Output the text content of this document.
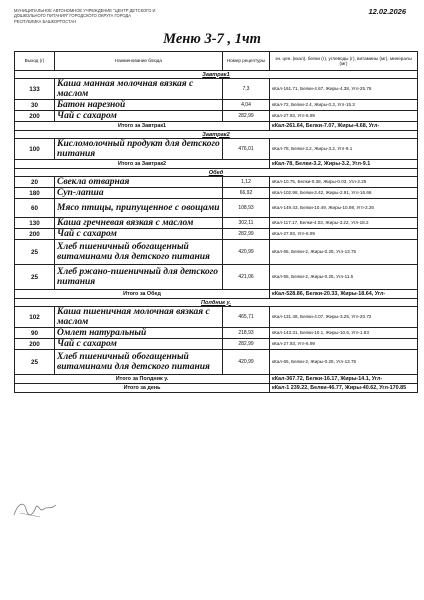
МУНИЦИПАЛЬНОЕ АВТОНОМНОЕ УЧРЕЖДЕНИЕ "ЦЕНТР ДЕТСКОГО И
ДОШКОЛЬНОГО ПИТАНИЯ" ГОРОДСКОГО ОКРУГА ГОРОДА
РЕСПУБЛИКА БАШКОРТОСТАН
12.02.2026
Меню 3-7 , 1чт
Выход (г)	Наименование блюда	Номер рецептуры	эн. цен. (ккал), белки (г), углеводы (г), витамины (мг), минералы (мг)
Завтрак1			
133	Каша манная молочная вязкая с маслом	7,3	кКал-161.71, Белки-4.67, Жиры-4.38, Угл-25.76
30	Батон нарезной	4,04	кКал-72, Белки-2.4, Жиры-0.3, Угл-15.3
200	Чай с сахаром	282,99	кКал-27.93, Угл-6.99
Итого за Завтрак1			кКал-261.64, Белки-7.07, Жиры-4.68, Угл-
Завтрак2			
100	Кисломолочный продукт для детского питания	476,01	кКал-78, Белки-3.2, Жиры-3.2, Угл-9.1
Итого за Завтрак2			кКал-78, Белки-3.2, Жиры-3.2, Угл-9.1
Обед			
20	Свекла отварная	1,12	кКал-10.75, Белки-0.38, Жиры-0.03, Угл-2.25
180	Суп-лапша	66,92	кКал-102.98, Белки-2.42, Жиры-2.91, Угл-16.66
60	Мясо птицы, припущенное с овощами	108,93	кКал-149.43, Белки-10.49, Жиры-10.98, Угл-3.26
130	Каша гречневая вязкая с маслом	302,11	кКал-117.17, Белки-4.03, Жиры-3.22, Угл-18.2
200	Чай с сахаром	282,99	кКал-27.93, Угл-6.99
25	Хлеб пшеничный обогащенный витаминами для детского питания	420,99	кКал-65, Белки-2, Жиры-0.25, Угл-13.75
25	Хлеб ржано-пшеничный для детского питания	421,06	кКал-55, Белки-2, Жиры-0.25, Угл-11.5
Итого за Обед			кКал-528.86, Белки-20.33, Жиры-18.64, Угл-
Полдник у.			
102	Каша пшеничная молочная вязкая с маслом	465,71	кКал-131.48, Белки-4.07, Жиры-3.25, Угл-20.72
90	Омлет натуральный	218,93	кКал-143.31, Белки-10.1, Жиры-10.6, Угл-1.83
200	Чай с сахаром	282,99	кКал-27.93, Угл-6.99
25	Хлеб пшеничный обогащенный витаминами для детского питания	420,99	кКал-65, Белки-2, Жиры-0.25, Угл-13.75
Итого за Полдник у.			кКал-367.72, Белки-16.17, Жиры-14.1, Угл-
Итого за день			кКал-1 239.22, Белки-46.77, Жиры-40.62, Угл-170.85
